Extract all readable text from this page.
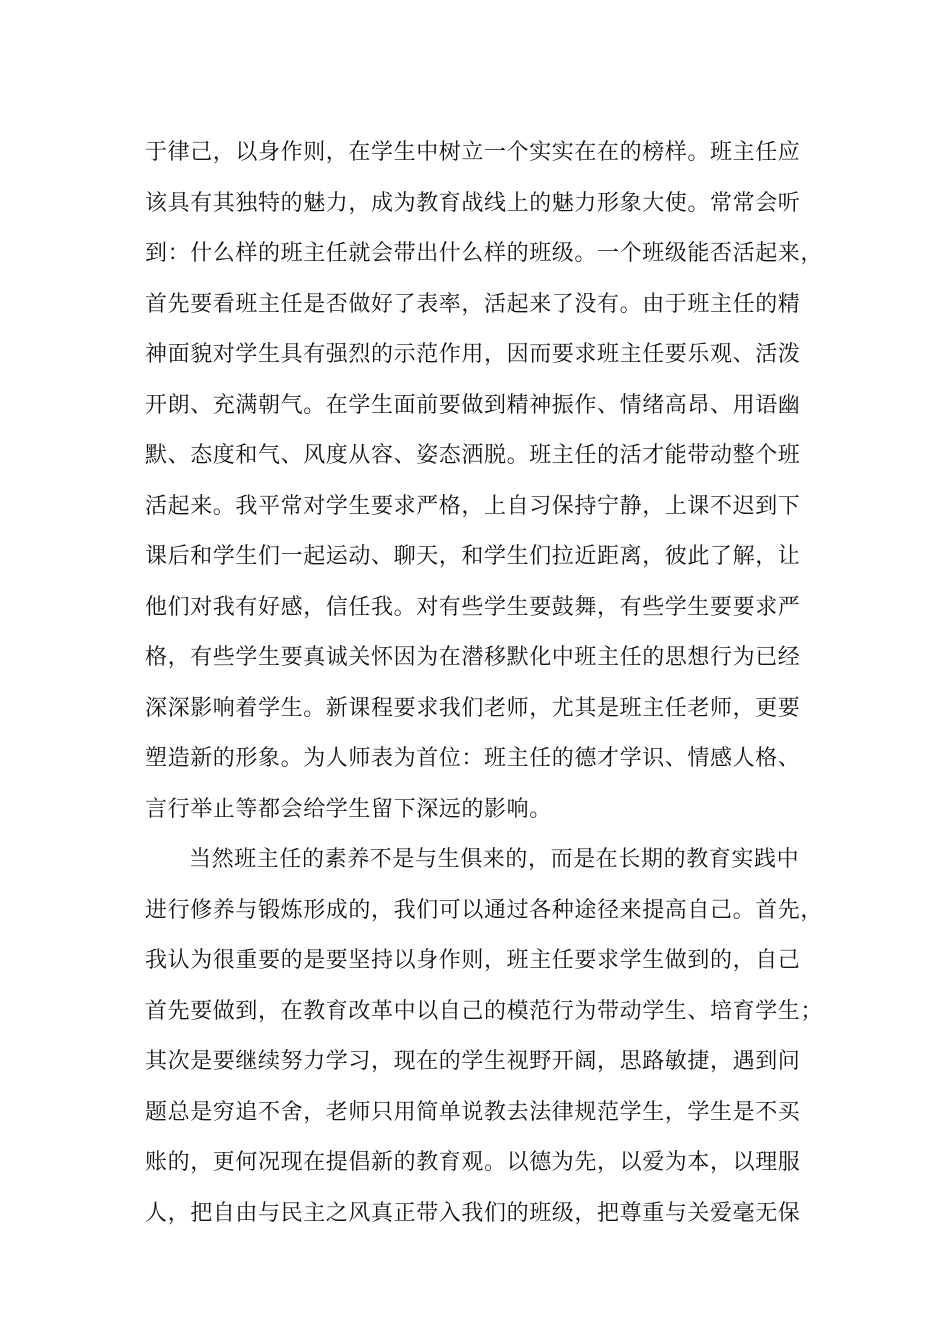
于律己，以身作则，在学生中树立一个实实在在的榜样。班主任应
该具有其独特的魅力，成为教育战线上的魅力形象大使。常常会听
到：什么样的班主任就会带出什么样的班级。一个班级能否活起来，
首先要看班主任是否做好了表率，活起来了没有。由于班主任的精
神面貌对学生具有强烈的示范作用，因而要求班主任要乐观、活泼
开朗、充满朝气。在学生面前要做到精神振作、情绪高昂、用语幽
默、态度和气、风度从容、姿态洒脱。班主任的活才能带动整个班
活起来。我平常对学生要求严格，上自习保持宁静，上课不迟到下
课后和学生们一起运动、聊天，和学生们拉近距离，彼此了解，让
他们对我有好感，信任我。对有些学生要鼓舞，有些学生要要求严
格，有些学生要真诚关怀因为在潜移默化中班主任的思想行为已经
深深影响着学生。新课程要求我们老师，尤其是班主任老师，更要
塑造新的形象。为人师表为首位：班主任的德才学识、情感人格、
言行举止等都会给学生留下深远的影响。
当然班主任的素养不是与生俱来的，而是在长期的教育实践中
进行修养与锻炼形成的，我们可以通过各种途径来提高自己。首先，
我认为很重要的是要坚持以身作则，班主任要求学生做到的，自己
首先要做到，在教育改革中以自己的模范行为带动学生、培育学生；
其次是要继续努力学习，现在的学生视野开阔，思路敏捷，遇到问
题总是穷追不舍，老师只用简单说教去法律规范学生，学生是不买
账的，更何况现在提倡新的教育观。以德为先，以爱为本，以理服
人，把自由与民主之风真正带入我们的班级，把尊重与关爱毫无保
